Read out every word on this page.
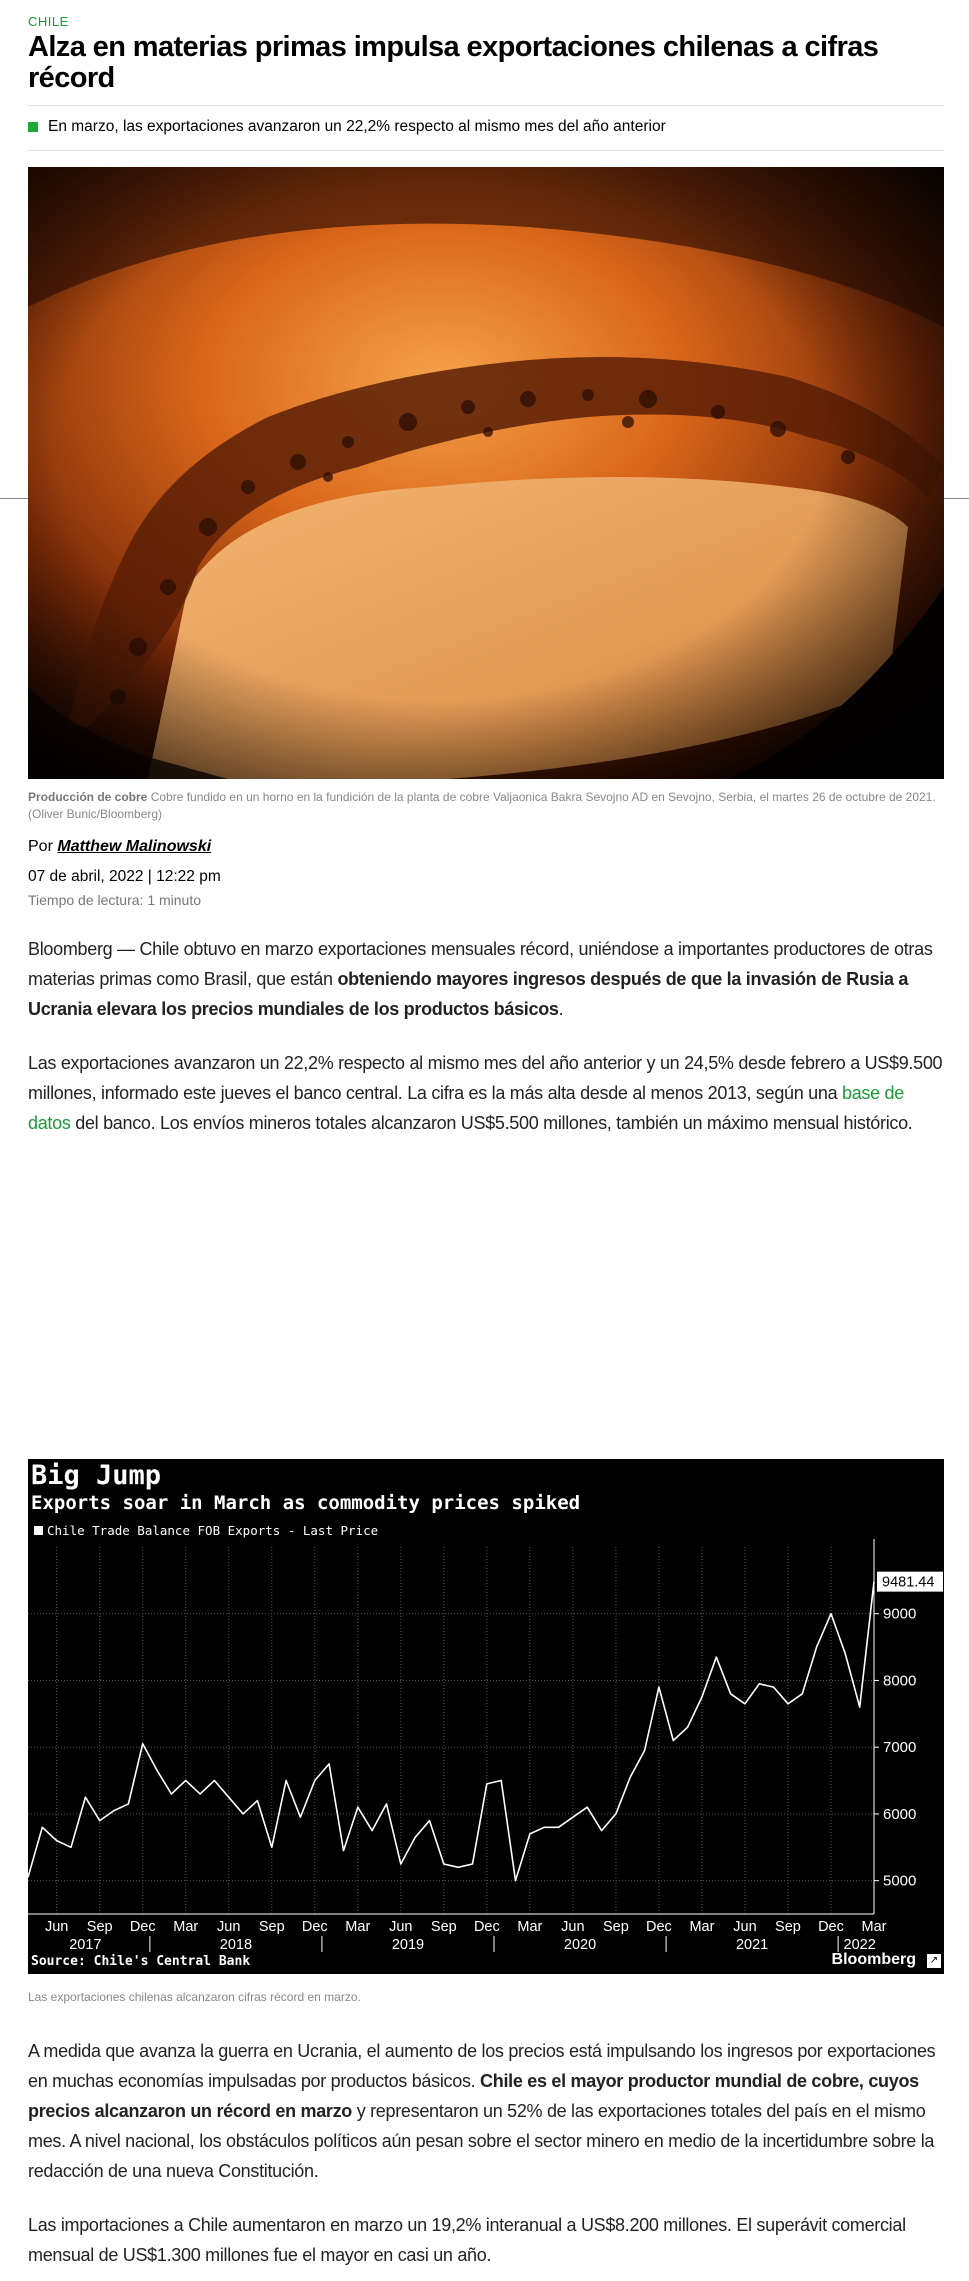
CHILE
Alza en materias primas impulsa exportaciones chilenas a cifras récord
En marzo, las exportaciones avanzaron un 22,2% respecto al mismo mes del año anterior
Producción de cobre Cobre fundido en un horno en la fundición de la planta de cobre Valjaonica Bakra Sevojno AD en Sevojno, Serbia, el martes 26 de octubre de 2021. (Oliver Bunic/Bloomberg)
Por Matthew Malinowski
07 de abril, 2022 | 12:22 pm
Tiempo de lectura: 1 minuto

Bloomberg — Chile obtuvo en marzo exportaciones mensuales récord, uniéndose a importantes productores de otras materias primas como Brasil, que están obteniendo mayores ingresos después de que la invasión de Rusia a Ucrania elevara los precios mundiales de los productos básicos.

Las exportaciones avanzaron un 22,2% respecto al mismo mes del año anterior y un 24,5% desde febrero a US$9.500 millones, informado este jueves el banco central. La cifra es la más alta desde al menos 2013, según una base de datos del banco. Los envíos mineros totales alcanzaron US$5.500 millones, también un máximo mensual histórico.

Big Jump
Exports soar in March as commodity prices spiked
Chile Trade Balance FOB Exports - Last Price
5000
6000
7000
8000
9000
Jun Sep Dec Mar Jun Sep Dec Mar Jun Sep Dec Mar Jun Sep Dec Mar Jun Sep Dec Mar
2017	2018	2019	2020	2021	2022
9481.44
Source: Chile's Central Bank	Bloomberg ↗
Las exportaciones chilenas alcanzaron cifras récord en marzo.

A medida que avanza la guerra en Ucrania, el aumento de los precios está impulsando los ingresos por exportaciones en muchas economías impulsadas por productos básicos. Chile es el mayor productor mundial de cobre, cuyos precios alcanzaron un récord en marzo y representaron un 52% de las exportaciones totales del país en el mismo mes. A nivel nacional, los obstáculos políticos aún pesan sobre el sector minero en medio de la incertidumbre sobre la redacción de una nueva Constitución.

Las importaciones a Chile aumentaron en marzo un 19,2% interanual a US$8.200 millones. El superávit comercial mensual de US$1.300 millones fue el mayor en casi un año.
